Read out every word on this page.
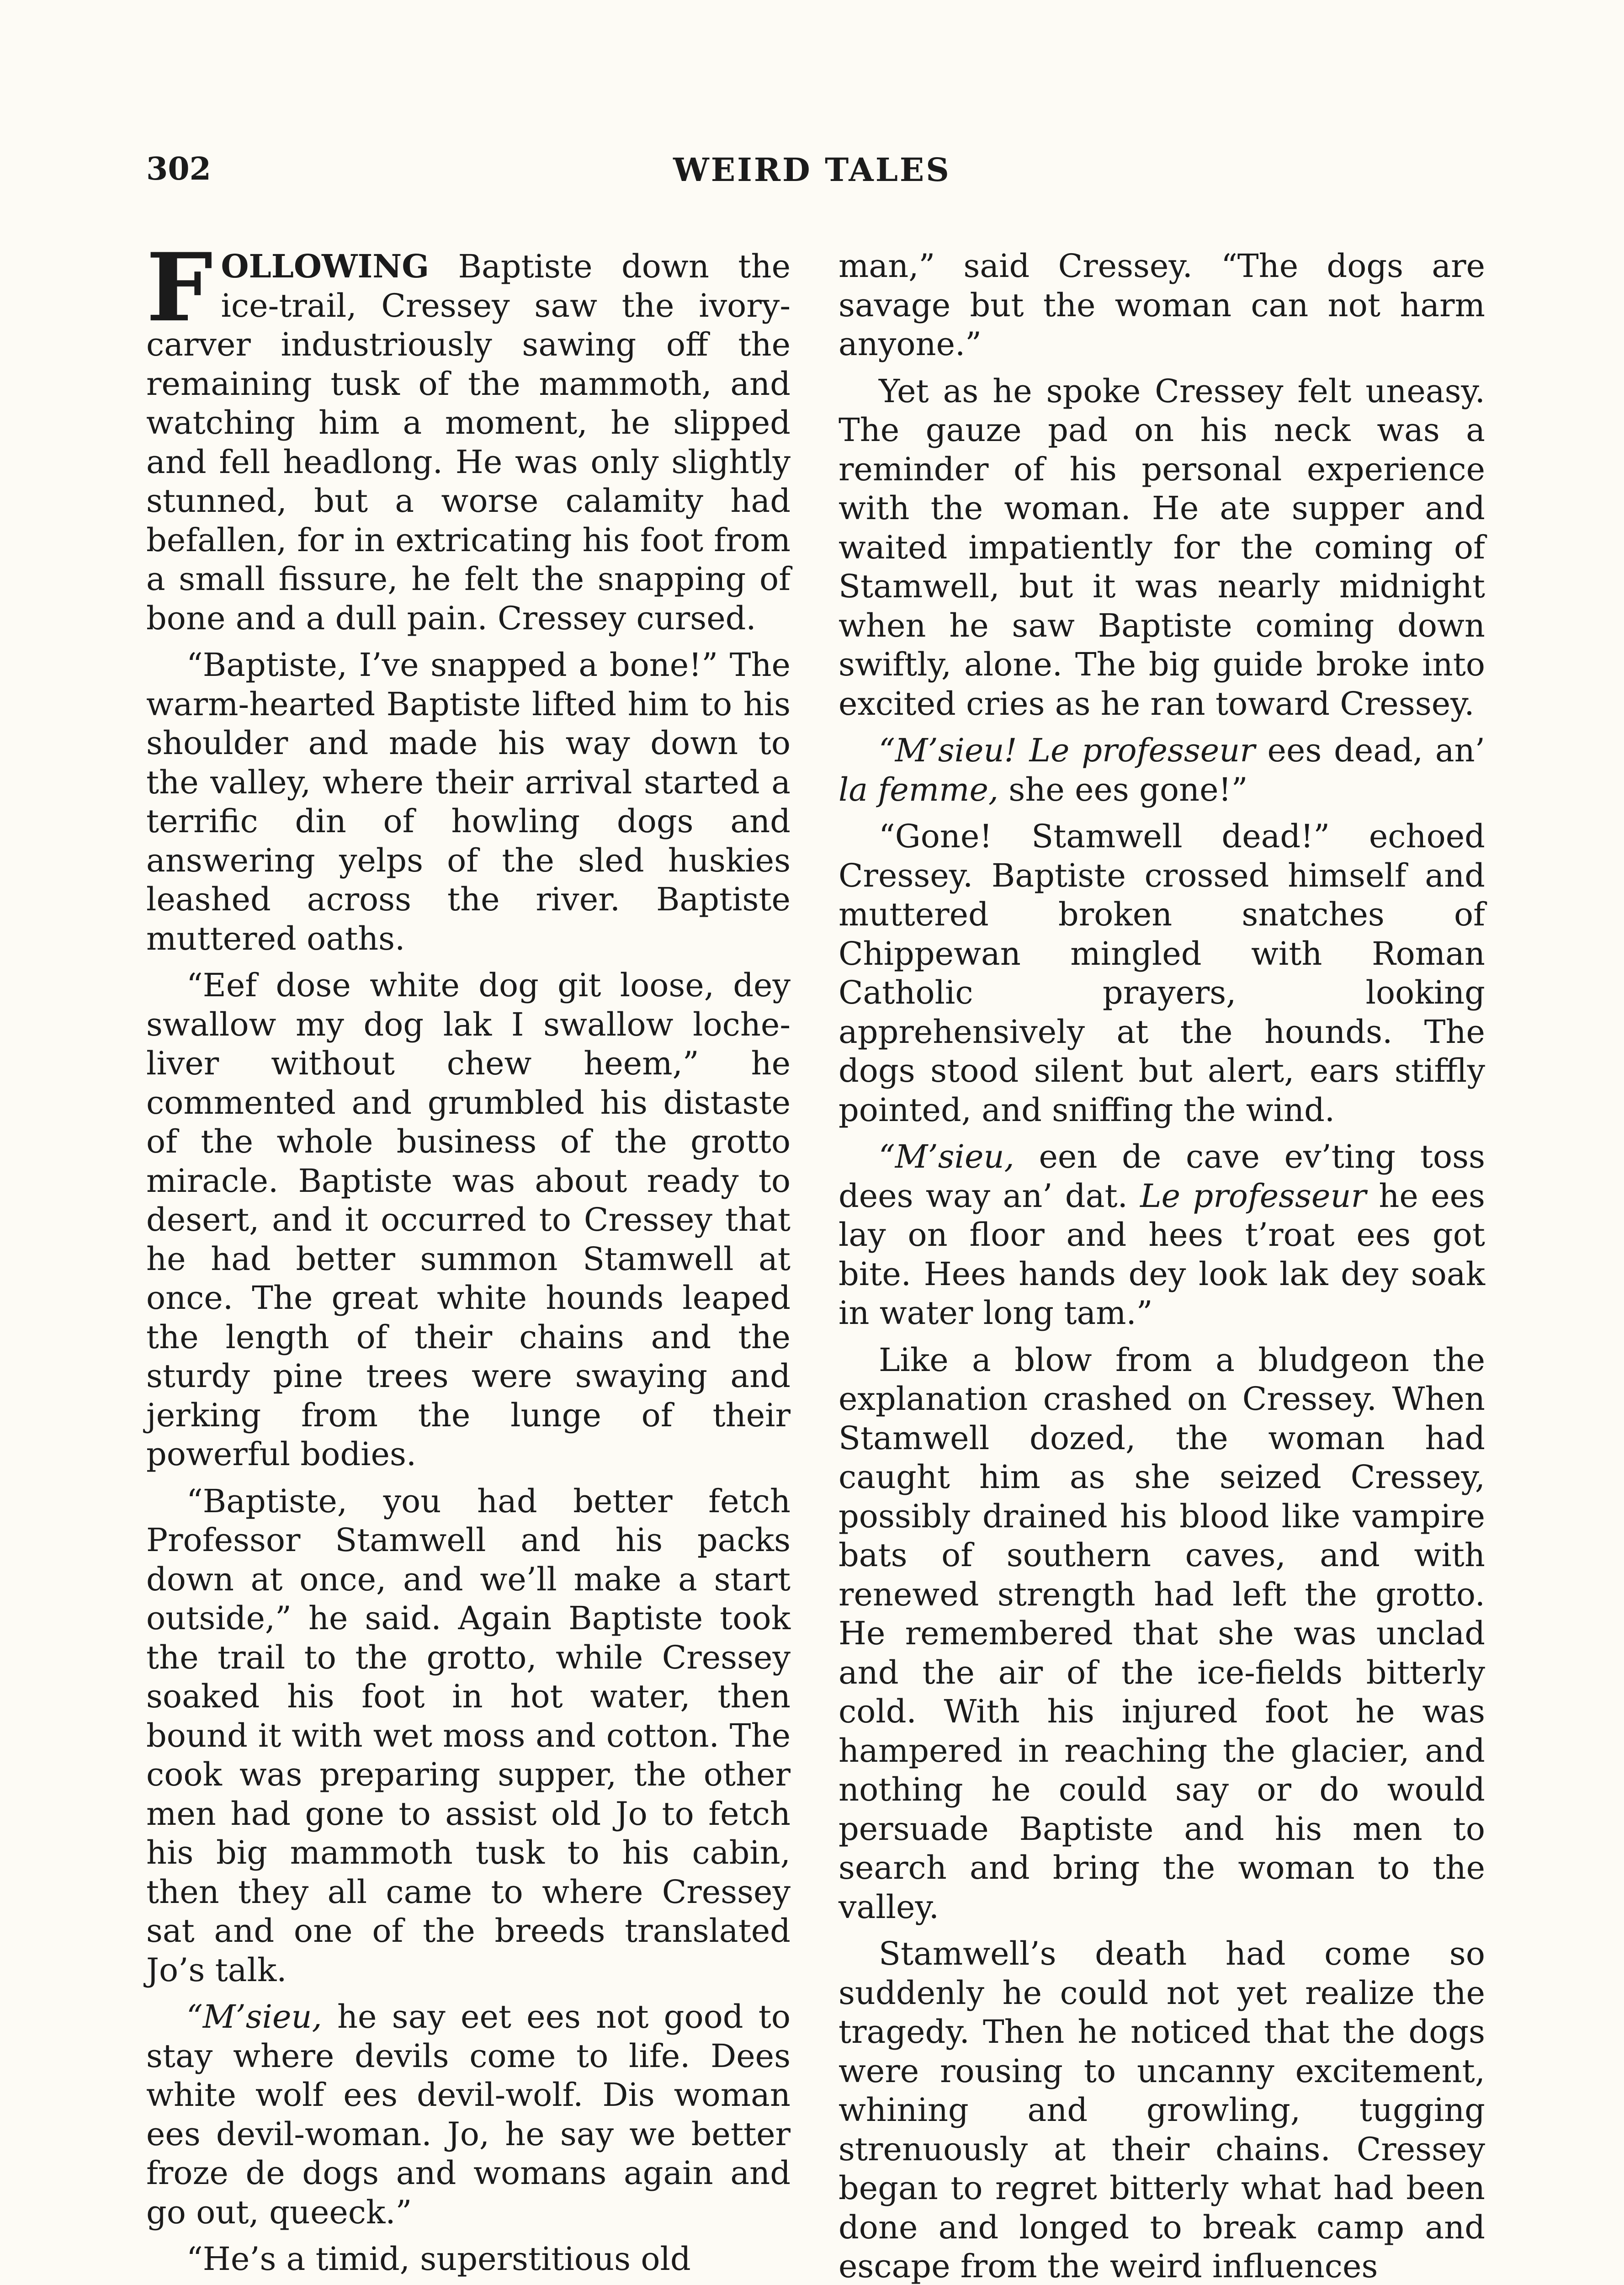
302	WEIRD TALES

FOLLOWING Baptiste down the ice-trail, Cressey saw the ivory-carver industriously sawing off the remaining tusk of the mammoth, and watching him a moment, he slipped and fell headlong. He was only slightly stunned, but a worse calamity had befallen, for in extricating his foot from a small fissure, he felt the snapping of bone and a dull pain. Cressey cursed.

“Baptiste, I’ve snapped a bone!” The warm-hearted Baptiste lifted him to his shoulder and made his way down to the valley, where their arrival started a terrific din of howling dogs and answering yelps of the sled huskies leashed across the river. Baptiste muttered oaths.

“Eef dose white dog git loose, dey swallow my dog lak I swallow loche-liver without chew heem,” he commented and grumbled his distaste of the whole business of the grotto miracle. Baptiste was about ready to desert, and it occurred to Cressey that he had better summon Stamwell at once. The great white hounds leaped the length of their chains and the sturdy pine trees were swaying and jerking from the lunge of their powerful bodies.

“Baptiste, you had better fetch Professor Stamwell and his packs down at once, and we’ll make a start outside,” he said. Again Baptiste took the trail to the grotto, while Cressey soaked his foot in hot water, then bound it with wet moss and cotton. The cook was preparing supper, the other men had gone to assist old Jo to fetch his big mammoth tusk to his cabin, then they all came to where Cressey sat and one of the breeds translated Jo’s talk.

“M’sieu, he say eet ees not good to stay where devils come to life. Dees white wolf ees devil-wolf. Dis woman ees devil-woman. Jo, he say we better froze de dogs and womans again and go out, queeck.”

“He’s a timid, superstitious old

man,” said Cressey. “The dogs are savage but the woman can not harm anyone.”

Yet as he spoke Cressey felt uneasy. The gauze pad on his neck was a reminder of his personal experience with the woman. He ate supper and waited impatiently for the coming of Stamwell, but it was nearly midnight when he saw Baptiste coming down swiftly, alone. The big guide broke into excited cries as he ran toward Cressey.

“M’sieu! Le professeur ees dead, an’ la femme, she ees gone!”

“Gone! Stamwell dead!” echoed Cressey. Baptiste crossed himself and muttered broken snatches of Chippewan mingled with Roman Catholic prayers, looking apprehensively at the hounds. The dogs stood silent but alert, ears stiffly pointed, and sniffing the wind.

“M’sieu, een de cave ev’ting toss dees way an’ dat. Le professeur he ees lay on floor and hees t’roat ees got bite. Hees hands dey look lak dey soak in water long tam.”

Like a blow from a bludgeon the explanation crashed on Cressey. When Stamwell dozed, the woman had caught him as she seized Cressey, possibly drained his blood like vampire bats of southern caves, and with renewed strength had left the grotto. He remembered that she was unclad and the air of the ice-fields bitterly cold. With his injured foot he was hampered in reaching the glacier, and nothing he could say or do would persuade Baptiste and his men to search and bring the woman to the valley.

Stamwell’s death had come so suddenly he could not yet realize the tragedy. Then he noticed that the dogs were rousing to uncanny excitement, whining and growling, tugging strenuously at their chains. Cressey began to regret bitterly what had been done and longed to break camp and escape from the weird influences
